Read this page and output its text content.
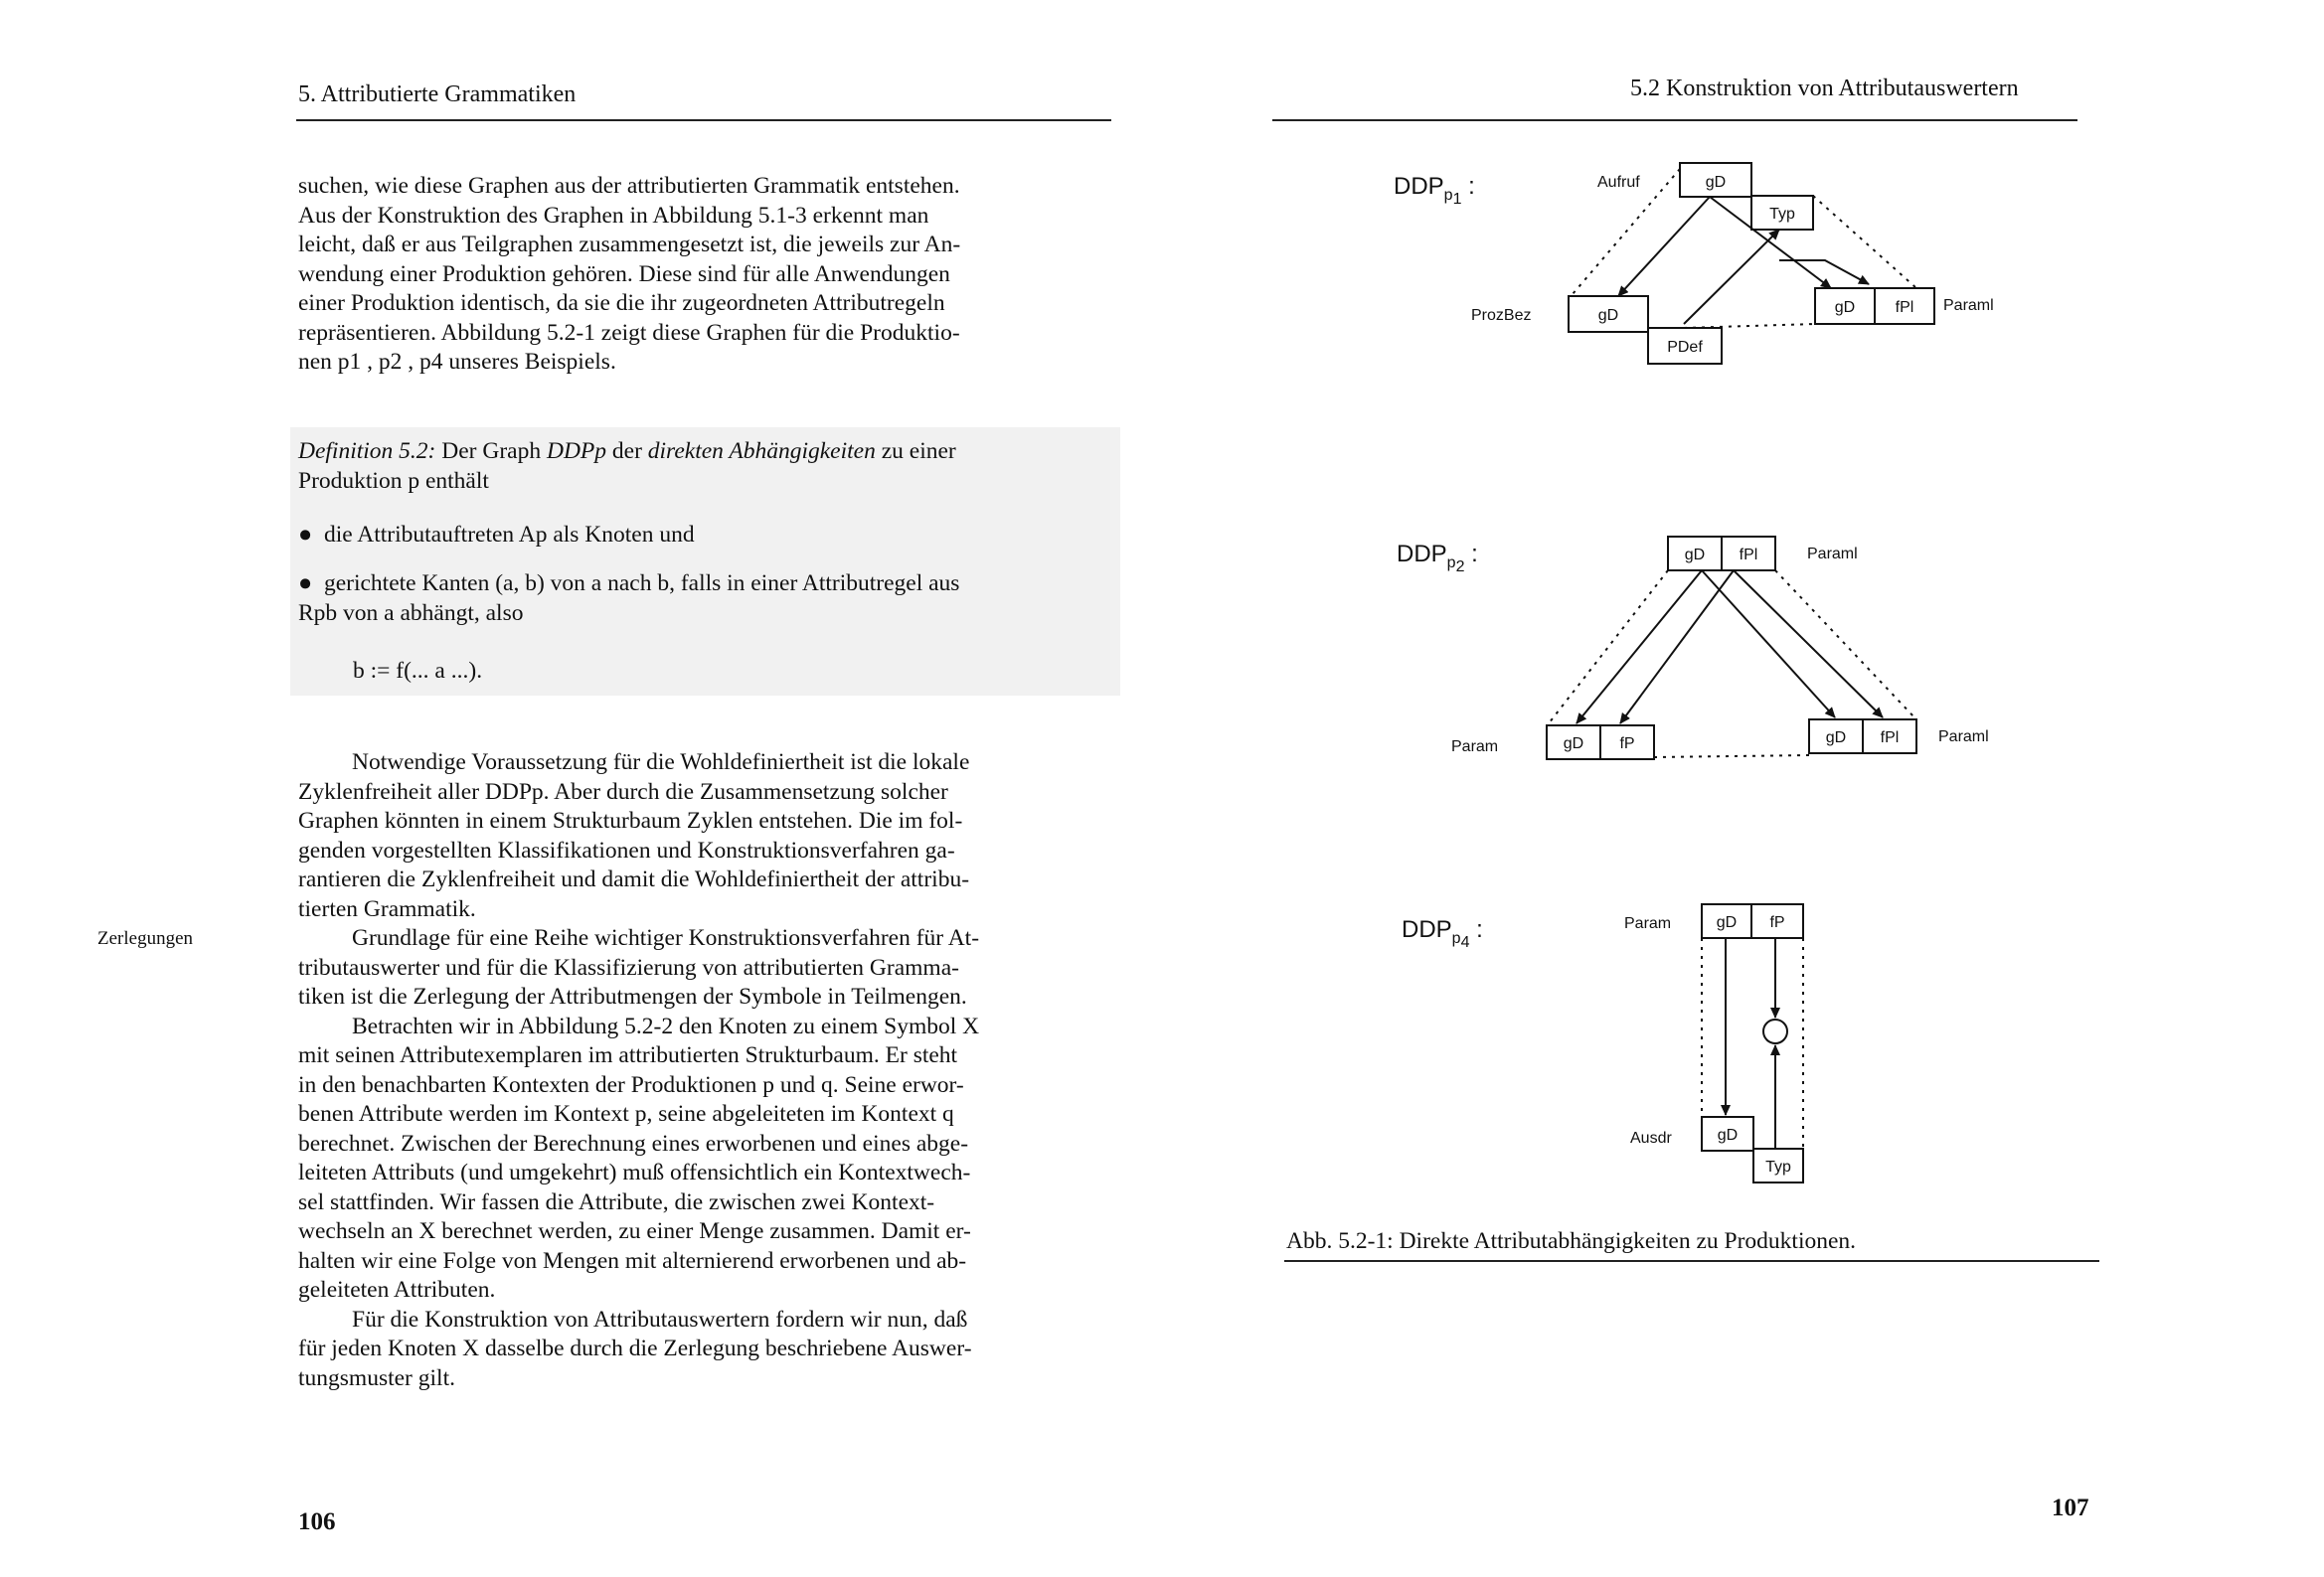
5. Attributierte Grammatiken

suchen, wie diese Graphen aus der attributierten Grammatik entstehen.

Aus der Konstruktion des Graphen in Abbildung 5.1-3 erkennt man

leicht, daß er aus Teilgraphen zusammengesetzt ist, die jeweils zur An-

wendung einer Produktion gehören. Diese sind für alle Anwendungen

einer Produktion identisch, da sie die ihr zugeordneten Attributregeln

repräsentieren. Abbildung 5.2-1 zeigt diese Graphen für die Produktio-

nen p1 , p2 , p4 unseres Beispiels.

Definition 5.2: Der Graph DDPp der direkten Abhängigkeiten zu einer

Produktion p enthält

● die Attributauftreten Ap als Knoten und
● gerichtete Kanten (a, b) von a nach b, falls in einer Attributregel aus
Rpb von a abhängt, also
b := f(... a ...).

Notwendige Voraussetzung für die Wohldefiniertheit ist die lokale

Zyklenfreiheit aller DDPp. Aber durch die Zusammensetzung solcher

Graphen könnten in einem Strukturbaum Zyklen entstehen. Die im fol-

genden vorgestellten Klassifikationen und Konstruktionsverfahren ga-

rantieren die Zyklenfreiheit und damit die Wohldefiniertheit der attribu-

tierten Grammatik.

Grundlage für eine Reihe wichtiger Konstruktionsverfahren für At-

tributauswerter und für die Klassifizierung von attributierten Gramma-

tiken ist die Zerlegung der Attributmengen der Symbole in Teilmengen.

Betrachten wir in Abbildung 5.2-2 den Knoten zu einem Symbol X

mit seinen Attributexemplaren im attributierten Strukturbaum. Er steht

in den benachbarten Kontexten der Produktionen p und q. Seine erwor-

benen Attribute werden im Kontext p, seine abgeleiteten im Kontext q

berechnet. Zwischen der Berechnung eines erworbenen und eines abge-

leiteten Attributs (und umgekehrt) muß offensichtlich ein Kontextwech-

sel stattfinden. Wir fassen die Attribute, die zwischen zwei Kontext-

wechseln an X berechnet werden, zu einer Menge zusammen. Damit er-

halten wir eine Folge von Mengen mit alternierend erworbenen und ab-

geleiteten Attributen.

Für die Konstruktion von Attributauswertern fordern wir nun, daß

für jeden Knoten X dasselbe durch die Zerlegung beschriebene Auswer-

tungsmuster gilt.

Zerlegungen
106
5.2 Konstruktion von Attributauswertern
$DDP_{p_1}$ :
$DDP_{p_2}$ :
$DDP_{p_4}$ :
Aufruf
ProzBez
Paraml
gD
Typ
gD
PDef
gD	fPl
Paraml
Param
Paraml
gD fPl
gD fP	gD fPl
Param
Ausdr
gD fP
gD
Typ
Abb. 5.2-1: Direkte Attributabhängigkeiten zu Produktionen.
107
